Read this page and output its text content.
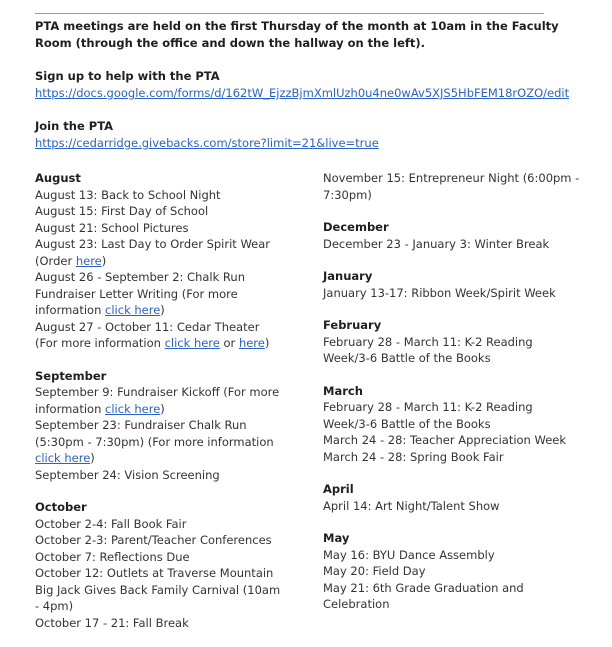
PTA meetings are held on the first Thursday of the month at 10am in the Faculty Room (through the office and down the hallway on the left).
Sign up to help with the PTA
https://docs.google.com/forms/d/162tW_EjzzBjmXmlUzh0u4ne0wAv5XJS5HbFEM18rOZO/edit
Join the PTA
https://cedarridge.givebacks.com/store?limit=21&live=true
August
August 13: Back to School Night
August 15: First Day of School
August 21: School Pictures
August 23: Last Day to Order Spirit Wear (Order here)
August 26 - September 2: Chalk Run Fundraiser Letter Writing (For more information click here)
August 27 - October 11: Cedar Theater (For more information click here or here)
September
September 9: Fundraiser Kickoff (For more information click here)
September 23: Fundraiser Chalk Run (5:30pm - 7:30pm) (For more information click here)
September 24: Vision Screening
October
October 2-4: Fall Book Fair
October 2-3: Parent/Teacher Conferences
October 7: Reflections Due
October 12: Outlets at Traverse Mountain Big Jack Gives Back Family Carnival (10am - 4pm)
October 17 - 21: Fall Break
November 15: Entrepreneur Night (6:00pm - 7:30pm)
December
December 23 - January 3: Winter Break
January
January 13-17: Ribbon Week/Spirit Week
February
February 28 - March 11: K-2 Reading Week/3-6 Battle of the Books
March
February 28 - March 11: K-2 Reading Week/3-6 Battle of the Books
March 24 - 28: Teacher Appreciation Week
March 24 - 28: Spring Book Fair
April
April 14: Art Night/Talent Show
May
May 16: BYU Dance Assembly
May 20: Field Day
May 21: 6th Grade Graduation and Celebration
